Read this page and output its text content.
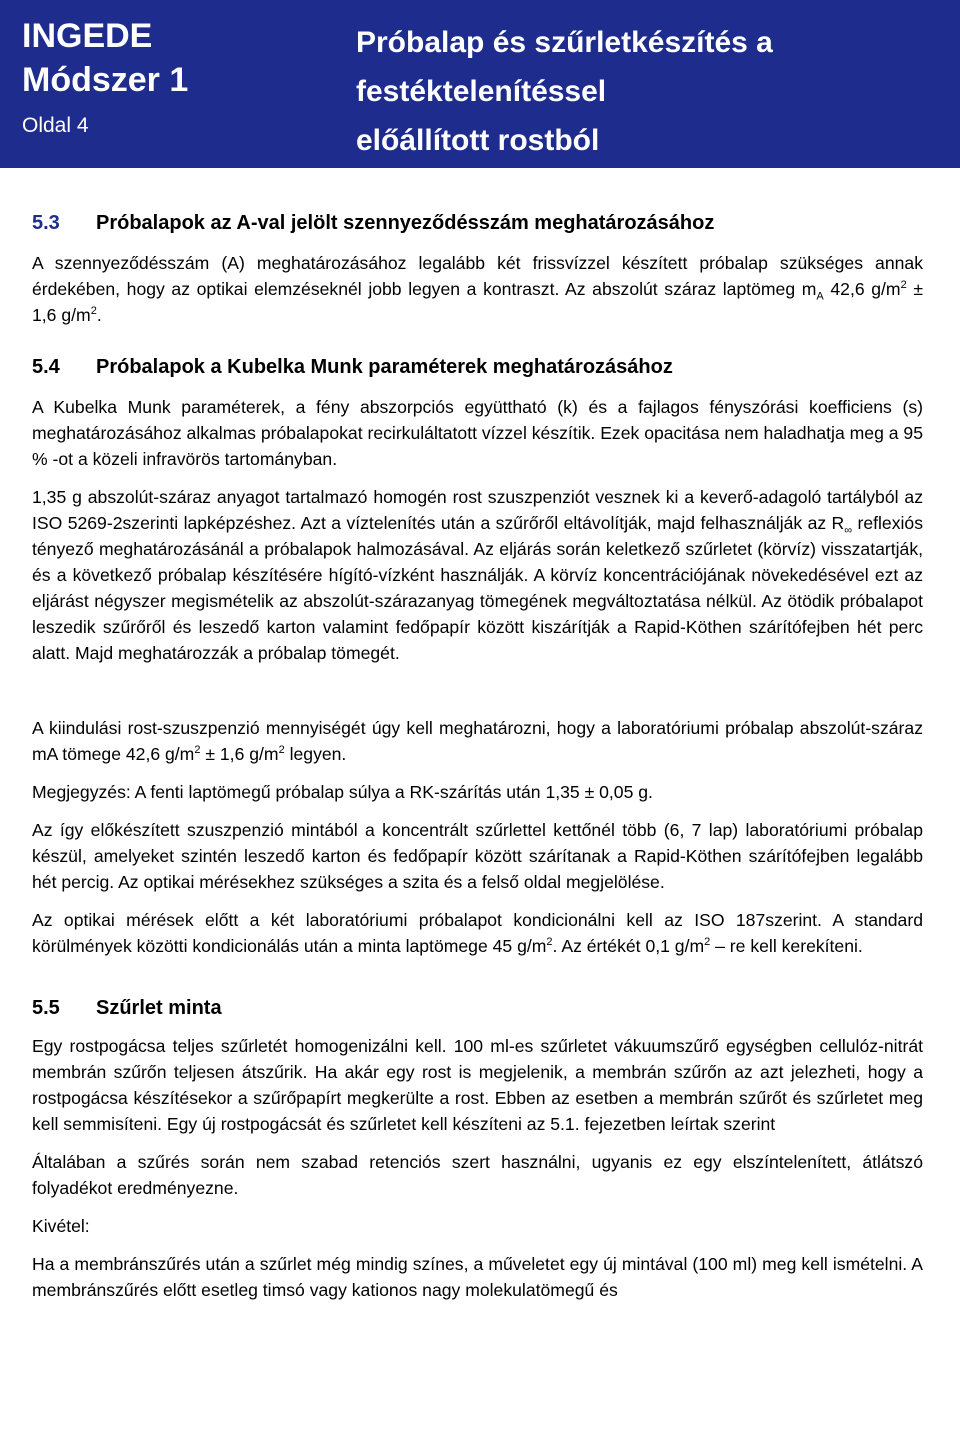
INGEDE
Módszer 1
Oldal 4
Próbalap és szűrletkészítés a
festéktelenítéssel
előállított rostból
5.3 Próbalapok az A-val jelölt szennyeződésszám meghatározásához

A szennyeződésszám (A) meghatározásához legalább két frissvízzel készített próbalap szükséges annak érdekében, hogy az optikai elemzéseknél jobb legyen a kontraszt. Az abszolút száraz laptömeg $m_A$ 42,6 $g/m^2 \pm 1,6$ $g/m^2$.

5.4 Próbalapok a Kubelka Munk paraméterek meghatározásához

A Kubelka Munk paraméterek, a fény abszorpciós együttható (k) és a fajlagos fényszórási koefficiens (s) meghatározásához alkalmas próbalapokat recirkuláltatott vízzel készítik. Ezek opacitása nem haladhatja meg a 95 % -ot a közeli infravörös tartományban.

1,35 g abszolút-száraz anyagot tartalmazó homogén rost szuszpenziót vesznek ki a keverő-adagoló tartályból az ISO 5269-2szerinti lapképzéshez. Azt a víztelenítés után a szűrőről eltávolítják, majd felhasználják az $R_\infty$ reflexiós tényező meghatározásánál a próbalapok halmozásával. Az eljárás során keletkező szűrletet (körvíz) visszatartják, és a következő próbalap készítésére hígító-vízként használják. A körvíz koncentrációjának növekedésével ezt az eljárást négyszer megismételik az abszolút-szárazanyag tömegének megváltoztatása nélkül. Az ötödik próbalapot leszedik szűrőről és leszedő karton valamint fedőpapír között kiszárítják a Rapid-Köthen szárítófejben hét perc alatt. Majd meghatározzák a próbalap tömegét.

A kiindulási rost-szuszpenzió mennyiségét úgy kell meghatározni, hogy a laboratóriumi próbalap abszolút-száraz mA tömege 42,6 $g/m^2 \pm 1,6$ $g/m^2$ legyen.

Megjegyzés: A fenti laptömegű próbalap súlya a RK-szárítás után 1,35 ± 0,05 g.

Az így előkészített szuszpenzió mintából a koncentrált szűrlettel kettőnél több (6, 7 lap) laboratóriumi próbalap készül, amelyeket szintén leszedő karton és fedőpapír között szárítanak a Rapid-Köthen szárítófejben legalább hét percig. Az optikai mérésekhez szükséges a szita és a felső oldal megjelölése.

Az optikai mérések előtt a két laboratóriumi próbalapot kondicionálni kell az ISO 187szerint. A standard körülmények közötti kondicionálás után a minta laptömege 45 $g/m^2$. Az értékét 0,1 $g/m^2$ – re kell kerekíteni.

5.5 Szűrlet minta

Egy rostpogácsa teljes szűrletét homogenizálni kell. 100 ml-es szűrletet vákuumszűrő egységben cellulóz-nitrát membrán szűrőn teljesen átszűrik. Ha akár egy rost is megjelenik, a membrán szűrőn az azt jelezheti, hogy a rostpogácsa készítésekor a szűrőpapírt megkerülte a rost. Ebben az esetben a membrán szűrőt és szűrletet meg kell semmisíteni. Egy új rostpogácsát és szűrletet kell készíteni az 5.1. fejezetben leírtak szerint

Általában a szűrés során nem szabad retenciós szert használni, ugyanis ez egy elszíntelenített, átlátszó folyadékot eredményezne.

Kivétel:

Ha a membránszűrés után a szűrlet még mindig színes, a műveletet egy új mintával (100 ml) meg kell ismételni. A membránszűrés előtt esetleg timsó vagy kationos nagy molekulatömegű és
